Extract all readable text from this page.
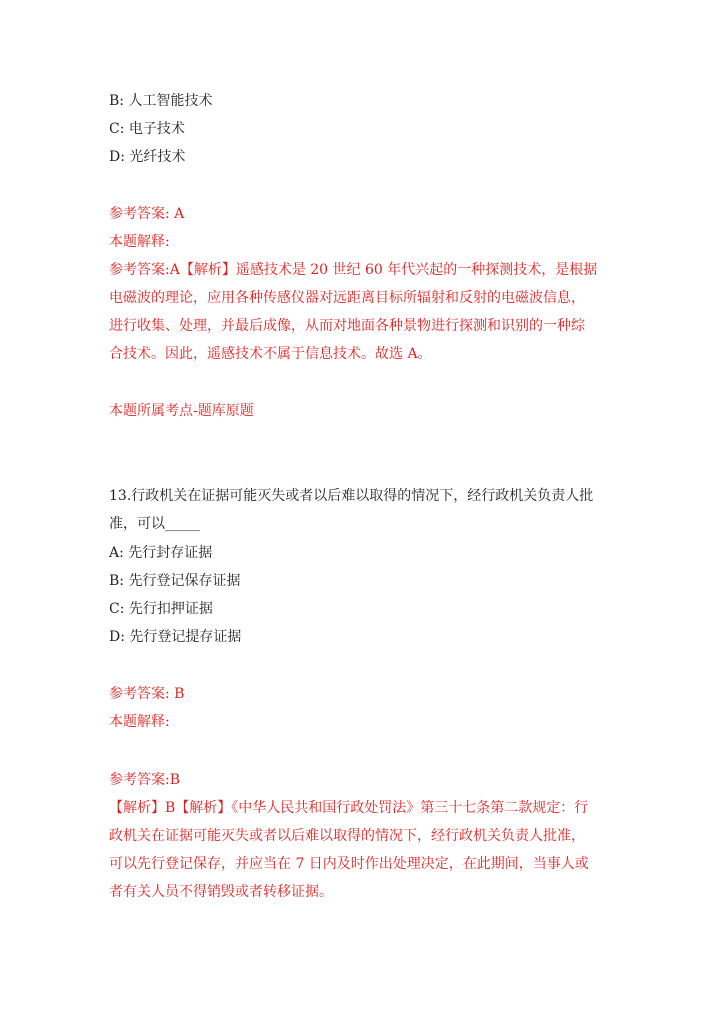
B: 人工智能技术
C: 电子技术
D: 光纤技术
参考答案: A
本题解释:
参考答案:A【解析】遥感技术是 20 世纪 60 年代兴起的一种探测技术，是根据
电磁波的理论，应用各种传感仪器对远距离目标所辐射和反射的电磁波信息，
进行收集、处理，并最后成像，从而对地面各种景物进行探测和识别的一种综
合技术。因此，遥感技术不属于信息技术。故选 A。
本题所属考点-题库原题
13.行政机关在证据可能灭失或者以后难以取得的情况下，经行政机关负责人批
准，可以_____
A: 先行封存证据
B: 先行登记保存证据
C: 先行扣押证据
D: 先行登记提存证据
参考答案: B
本题解释:
参考答案:B
【解析】B【解析】《中华人民共和国行政处罚法》第三十七条第二款规定：行
政机关在证据可能灭失或者以后难以取得的情况下，经行政机关负责人批准，
可以先行登记保存，并应当在 7 日内及时作出处理决定，在此期间，当事人或
者有关人员不得销毁或者转移证据。
